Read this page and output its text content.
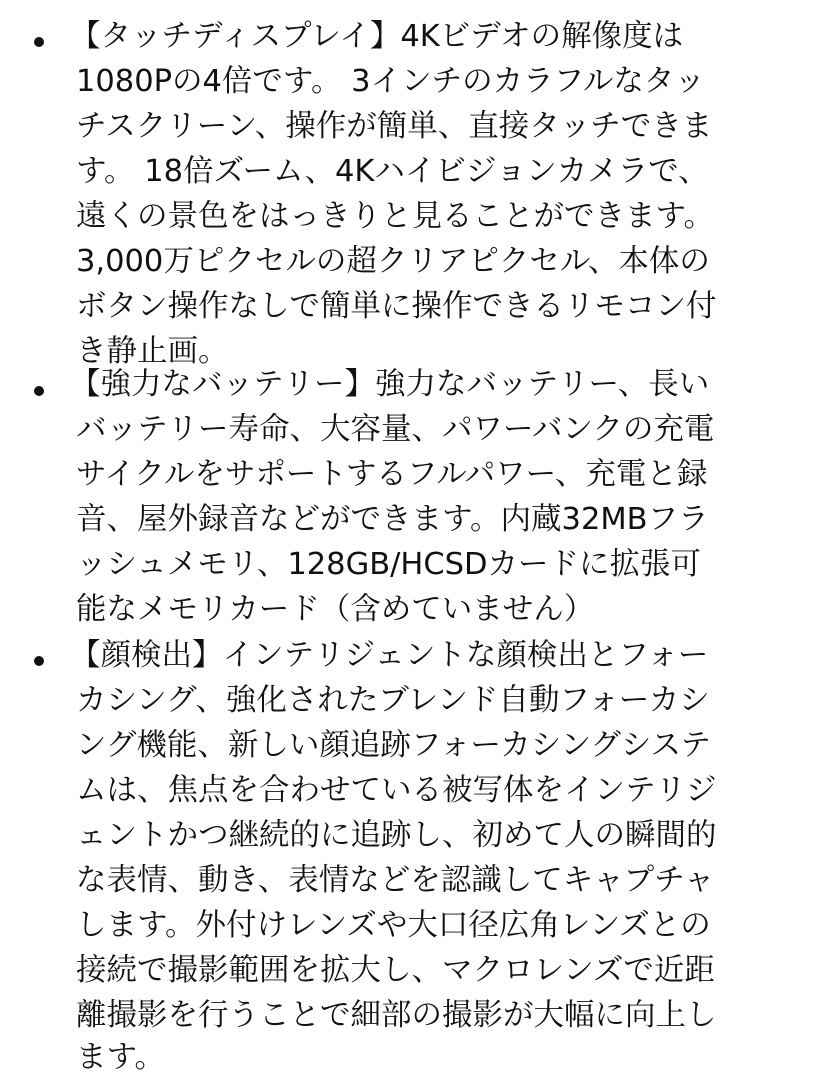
【タッチディスプレイ】4Kビデオの解像度は
1080Pの4倍です。 3インチのカラフルなタッ
チスクリーン、操作が簡単、直接タッチできま
す。 18倍ズーム、4Kハイビジョンカメラで、
遠くの景色をはっきりと見ることができます。
3,000万ピクセルの超クリアピクセル、本体の
ボタン操作なしで簡単に操作できるリモコン付
き静止画。
【強力なバッテリー】強力なバッテリー、長い
バッテリー寿命、大容量、パワーバンクの充電
サイクルをサポートするフルパワー、充電と録
音、屋外録音などができます。内蔵32MBフラ
ッシュメモリ、128GB/HCSDカードに拡張可
能なメモリカード（含めていません）
【顔検出】インテリジェントな顔検出とフォー
カシング、強化されたブレンド自動フォーカシ
ング機能、新しい顔追跡フォーカシングシステ
ムは、焦点を合わせている被写体をインテリジ
ェントかつ継続的に追跡し、初めて人の瞬間的
な表情、動き、表情などを認識してキャプチャ
します。外付けレンズや大口径広角レンズとの
接続で撮影範囲を拡大し、マクロレンズで近距
離撮影を行うことで細部の撮影が大幅に向上し
ます。
